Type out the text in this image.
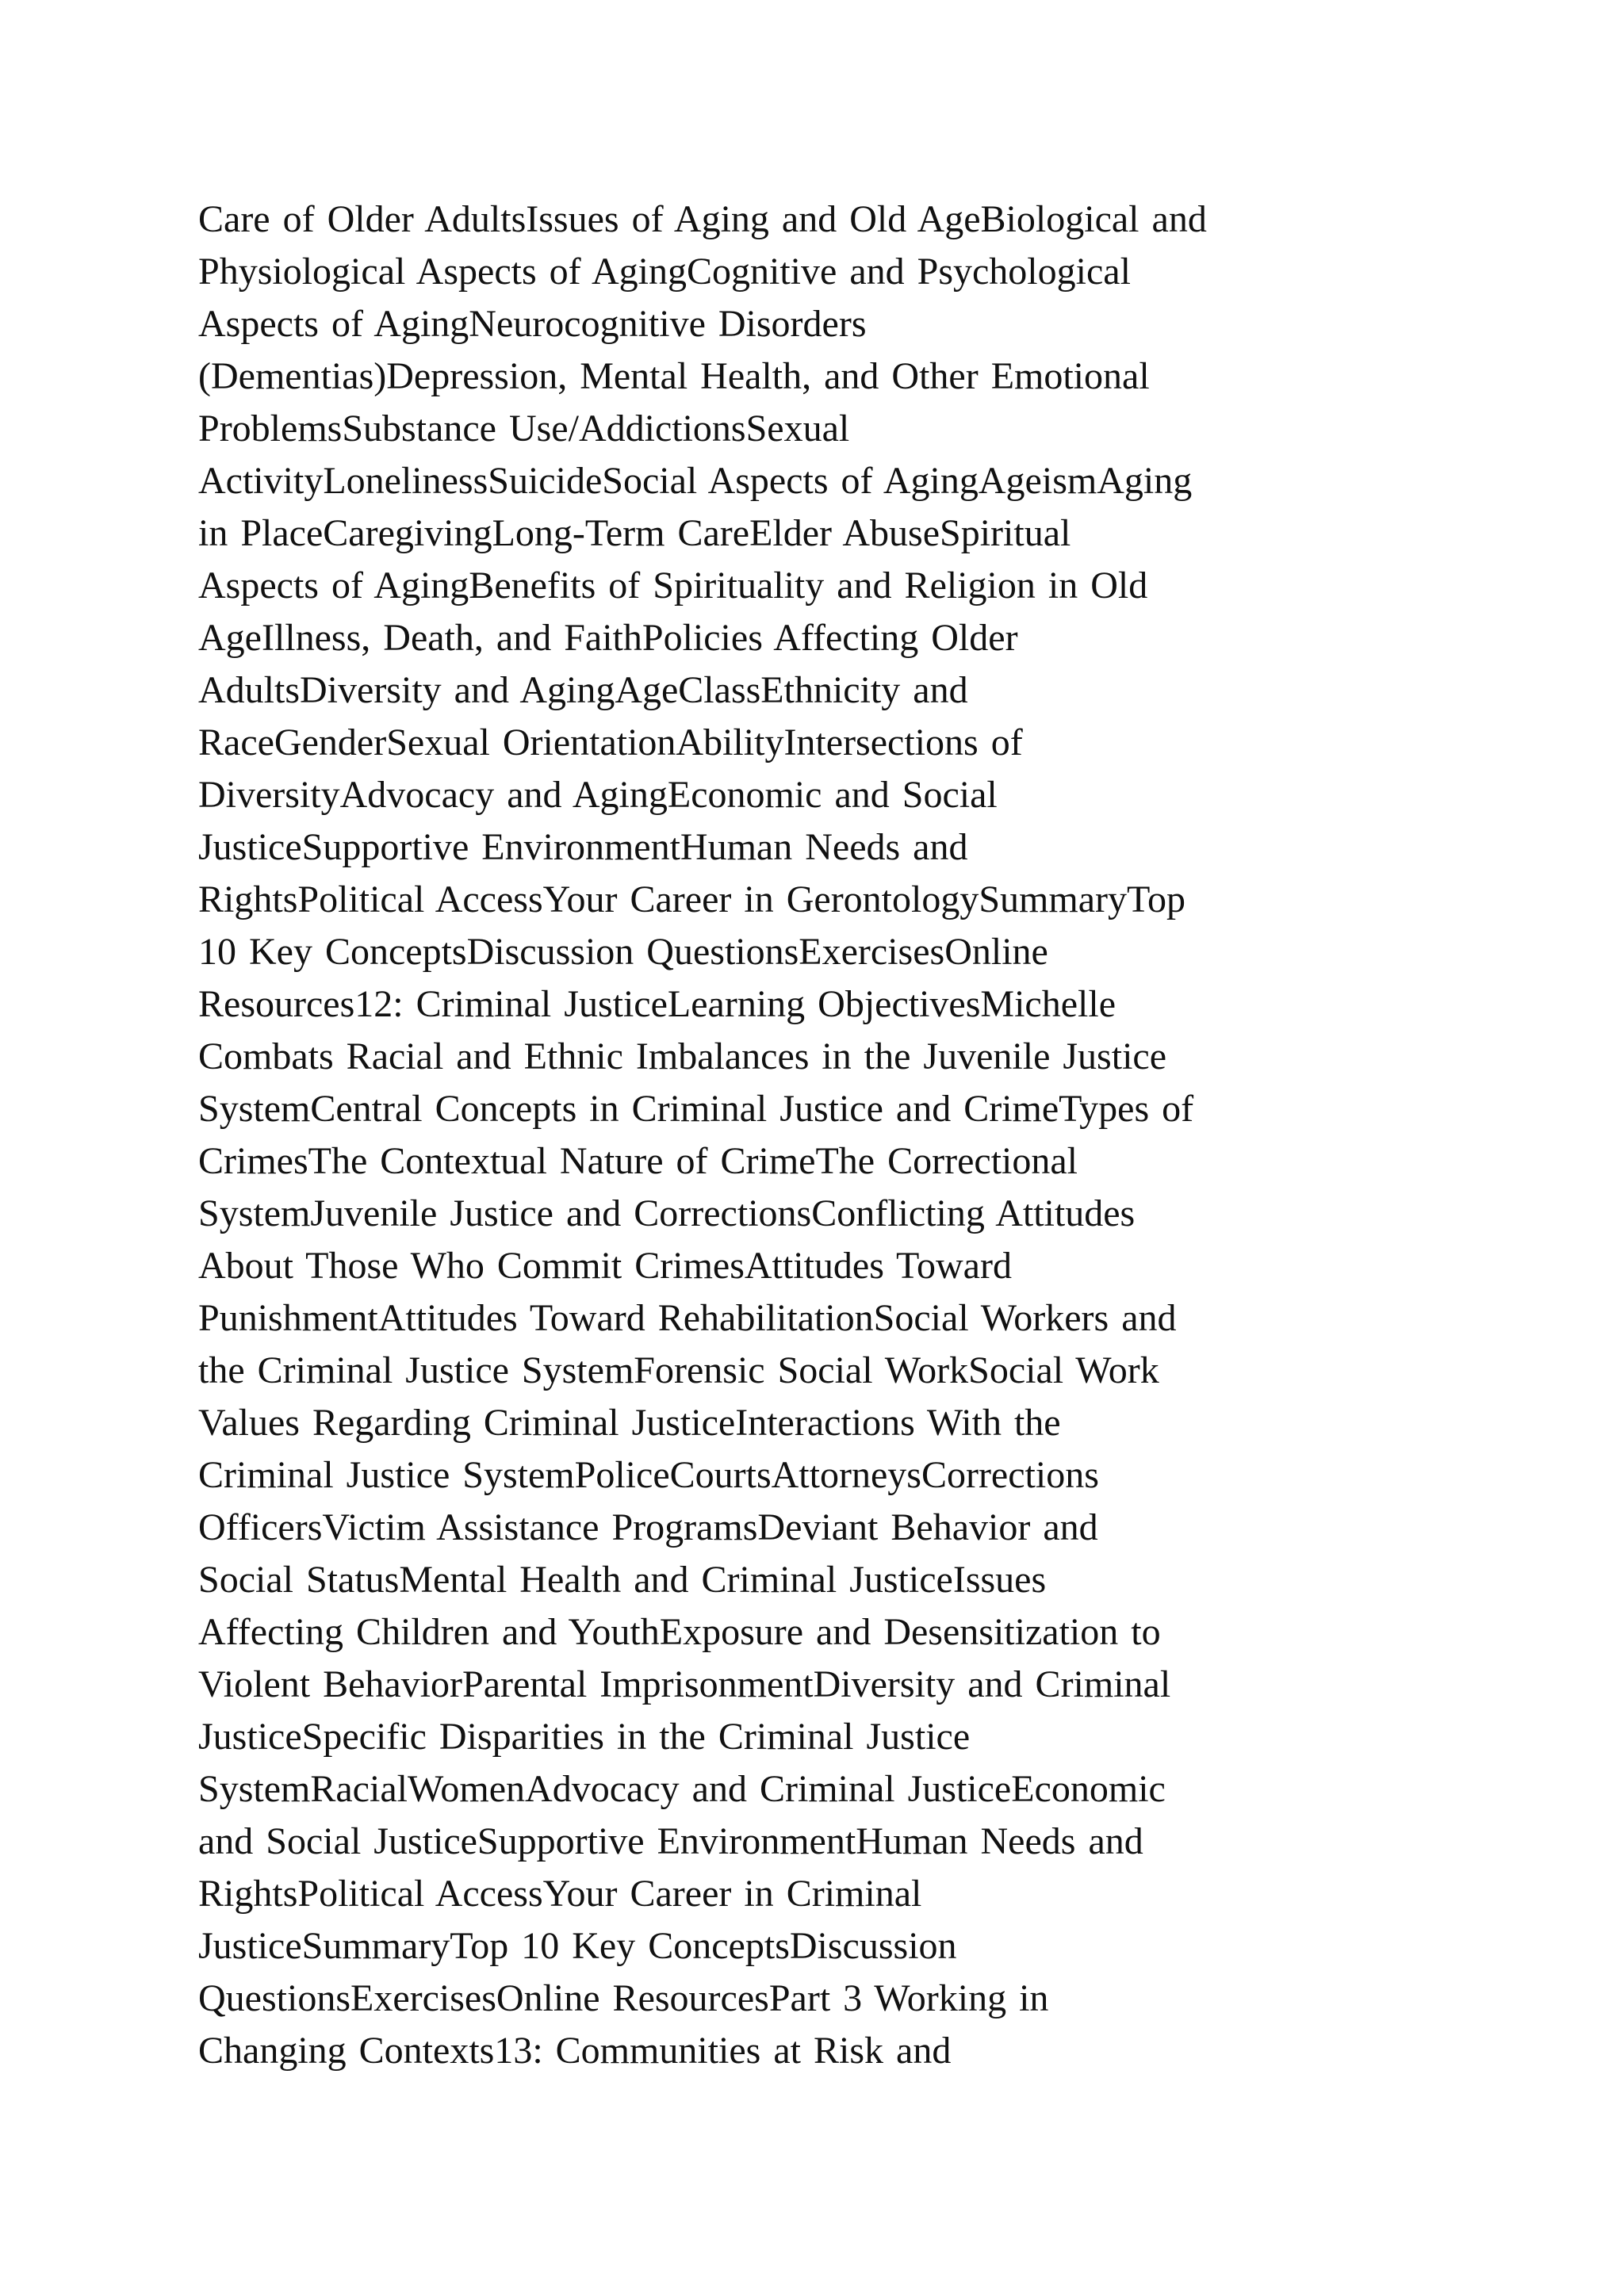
Care of Older AdultsIssues of Aging and Old AgeBiological and
Physiological Aspects of AgingCognitive and Psychological
Aspects of AgingNeurocognitive Disorders
(Dementias)Depression, Mental Health, and Other Emotional
ProblemsSubstance Use/AddictionsSexual
ActivityLonelinessSuicideSocial Aspects of AgingAgeismAging
in PlaceCaregivingLong-Term CareElder AbuseSpiritual
Aspects of AgingBenefits of Spirituality and Religion in Old
AgeIllness, Death, and FaithPolicies Affecting Older
AdultsDiversity and AgingAgeClassEthnicity and
RaceGenderSexual OrientationAbilityIntersections of
DiversityAdvocacy and AgingEconomic and Social
JusticeSupportive EnvironmentHuman Needs and
RightsPolitical AccessYour Career in GerontologySummaryTop
10 Key ConceptsDiscussion QuestionsExercisesOnline
Resources12: Criminal JusticeLearning ObjectivesMichelle
Combats Racial and Ethnic Imbalances in the Juvenile Justice
SystemCentral Concepts in Criminal Justice and CrimeTypes of
CrimesThe Contextual Nature of CrimeThe Correctional
SystemJuvenile Justice and CorrectionsConflicting Attitudes
About Those Who Commit CrimesAttitudes Toward
PunishmentAttitudes Toward RehabilitationSocial Workers and
the Criminal Justice SystemForensic Social WorkSocial Work
Values Regarding Criminal JusticeInteractions With the
Criminal Justice SystemPoliceCourtsAttorneysCorrections
OfficersVictim Assistance ProgramsDeviant Behavior and
Social StatusMental Health and Criminal JusticeIssues
Affecting Children and YouthExposure and Desensitization to
Violent BehaviorParental ImprisonmentDiversity and Criminal
JusticeSpecific Disparities in the Criminal Justice
SystemRacialWomenAdvocacy and Criminal JusticeEconomic
and Social JusticeSupportive EnvironmentHuman Needs and
RightsPolitical AccessYour Career in Criminal
JusticeSummaryTop 10 Key ConceptsDiscussion
QuestionsExercisesOnline ResourcesPart 3 Working in
Changing Contexts13: Communities at Risk and
